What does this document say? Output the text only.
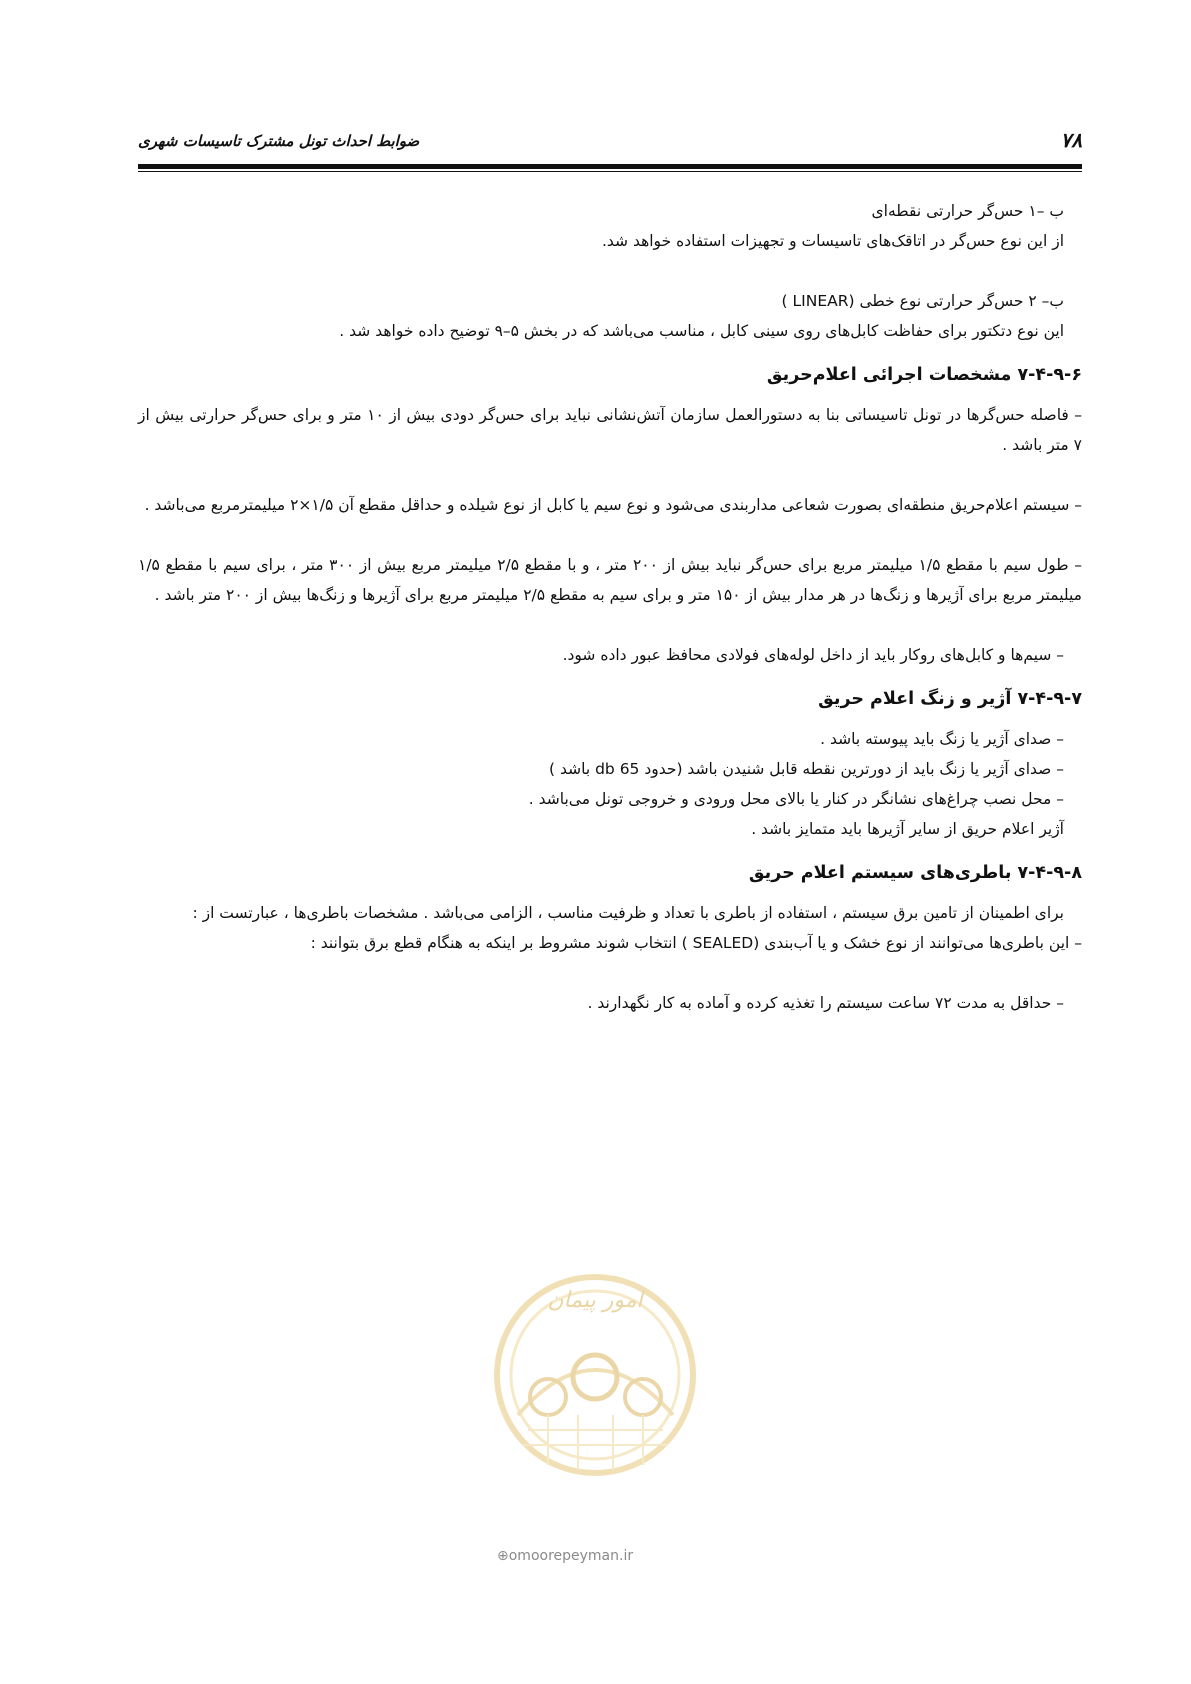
۷۸
ضوابط احداث تونل مشترک تاسیسات شهری

ب –۱ حس‌گر حرارتی نقطه‌ای

از این نوع حس‌گر در اتاقک‌های تاسیسات و تجهیزات استفاده خواهد شد.

ب– ۲ حس‌گر حرارتی نوع خطی (LINEAR )

این نوع دتکتور برای حفاظت کابل‌های روی سینی کابل ، مناسب می‌باشد که در بخش ۵–۹ توضیح داده خواهد شد .

۷-۴-۹-۶ مشخصات اجرائی اعلام‌حریق

– فاصله حس‌گرها در تونل تاسیساتی بنا به دستورالعمل سازمان آتش‌نشانی نباید برای حس‌گر دودی بیش از ۱۰ متر و برای حس‌گر حرارتی بیش از ۷ متر باشد .

– سیستم اعلام‌حریق منطقه‌ای بصورت شعاعی مداربندی می‌شود و نوع سیم یا کابل از نوع شیلده و حداقل مقطع آن ۱/۵×۲ میلیمترمربع می‌باشد .

– طول سیم با مقطع ۱/۵ میلیمتر مربع برای حس‌گر نباید بیش از ۲۰۰ متر ، و با مقطع ۲/۵ میلیمتر مربع بیش از ۳۰۰ متر ، برای سیم با مقطع ۱/۵ میلیمتر مربع برای آژیرها و زنگ‌ها در هر مدار بیش از ۱۵۰ متر و برای سیم به مقطع ۲/۵ میلیمتر مربع برای آژیرها و زنگ‌ها بیش از ۲۰۰ متر باشد .

– سیم‌ها و کابل‌های روکار باید از داخل لوله‌های فولادی محافظ عبور داده شود.

۷-۴-۹-۷ آژیر و زنگ اعلام حریق

– صدای آژیر یا زنگ باید پیوسته باشد .

– صدای آژیر یا زنگ باید از دورترین نقطه قابل شنیدن باشد (حدود 65 db باشد )

– محل نصب چراغ‌های نشانگر در کنار یا بالای محل ورودی و خروجی تونل می‌باشد .

آژیر اعلام حریق از سایر آژیرها باید متمایز باشد .

۷-۴-۹-۸ باطری‌های سیستم اعلام حریق

برای اطمینان از تامین برق سیستم ، استفاده از باطری با تعداد و ظرفیت مناسب ، الزامی می‌باشد . مشخصات باطری‌ها ، عبارتست از :

– این باطری‌ها می‌توانند از نوع خشک و یا آب‌بندی (SEALED ) انتخاب شوند مشروط بر اینکه به هنگام قطع برق بتوانند :

– حداقل به مدت ۷۲ ساعت سیستم را تغذیه کرده و آماده به کار نگهدارند .

امور پیمان
⊕omoorepeyman.ir
